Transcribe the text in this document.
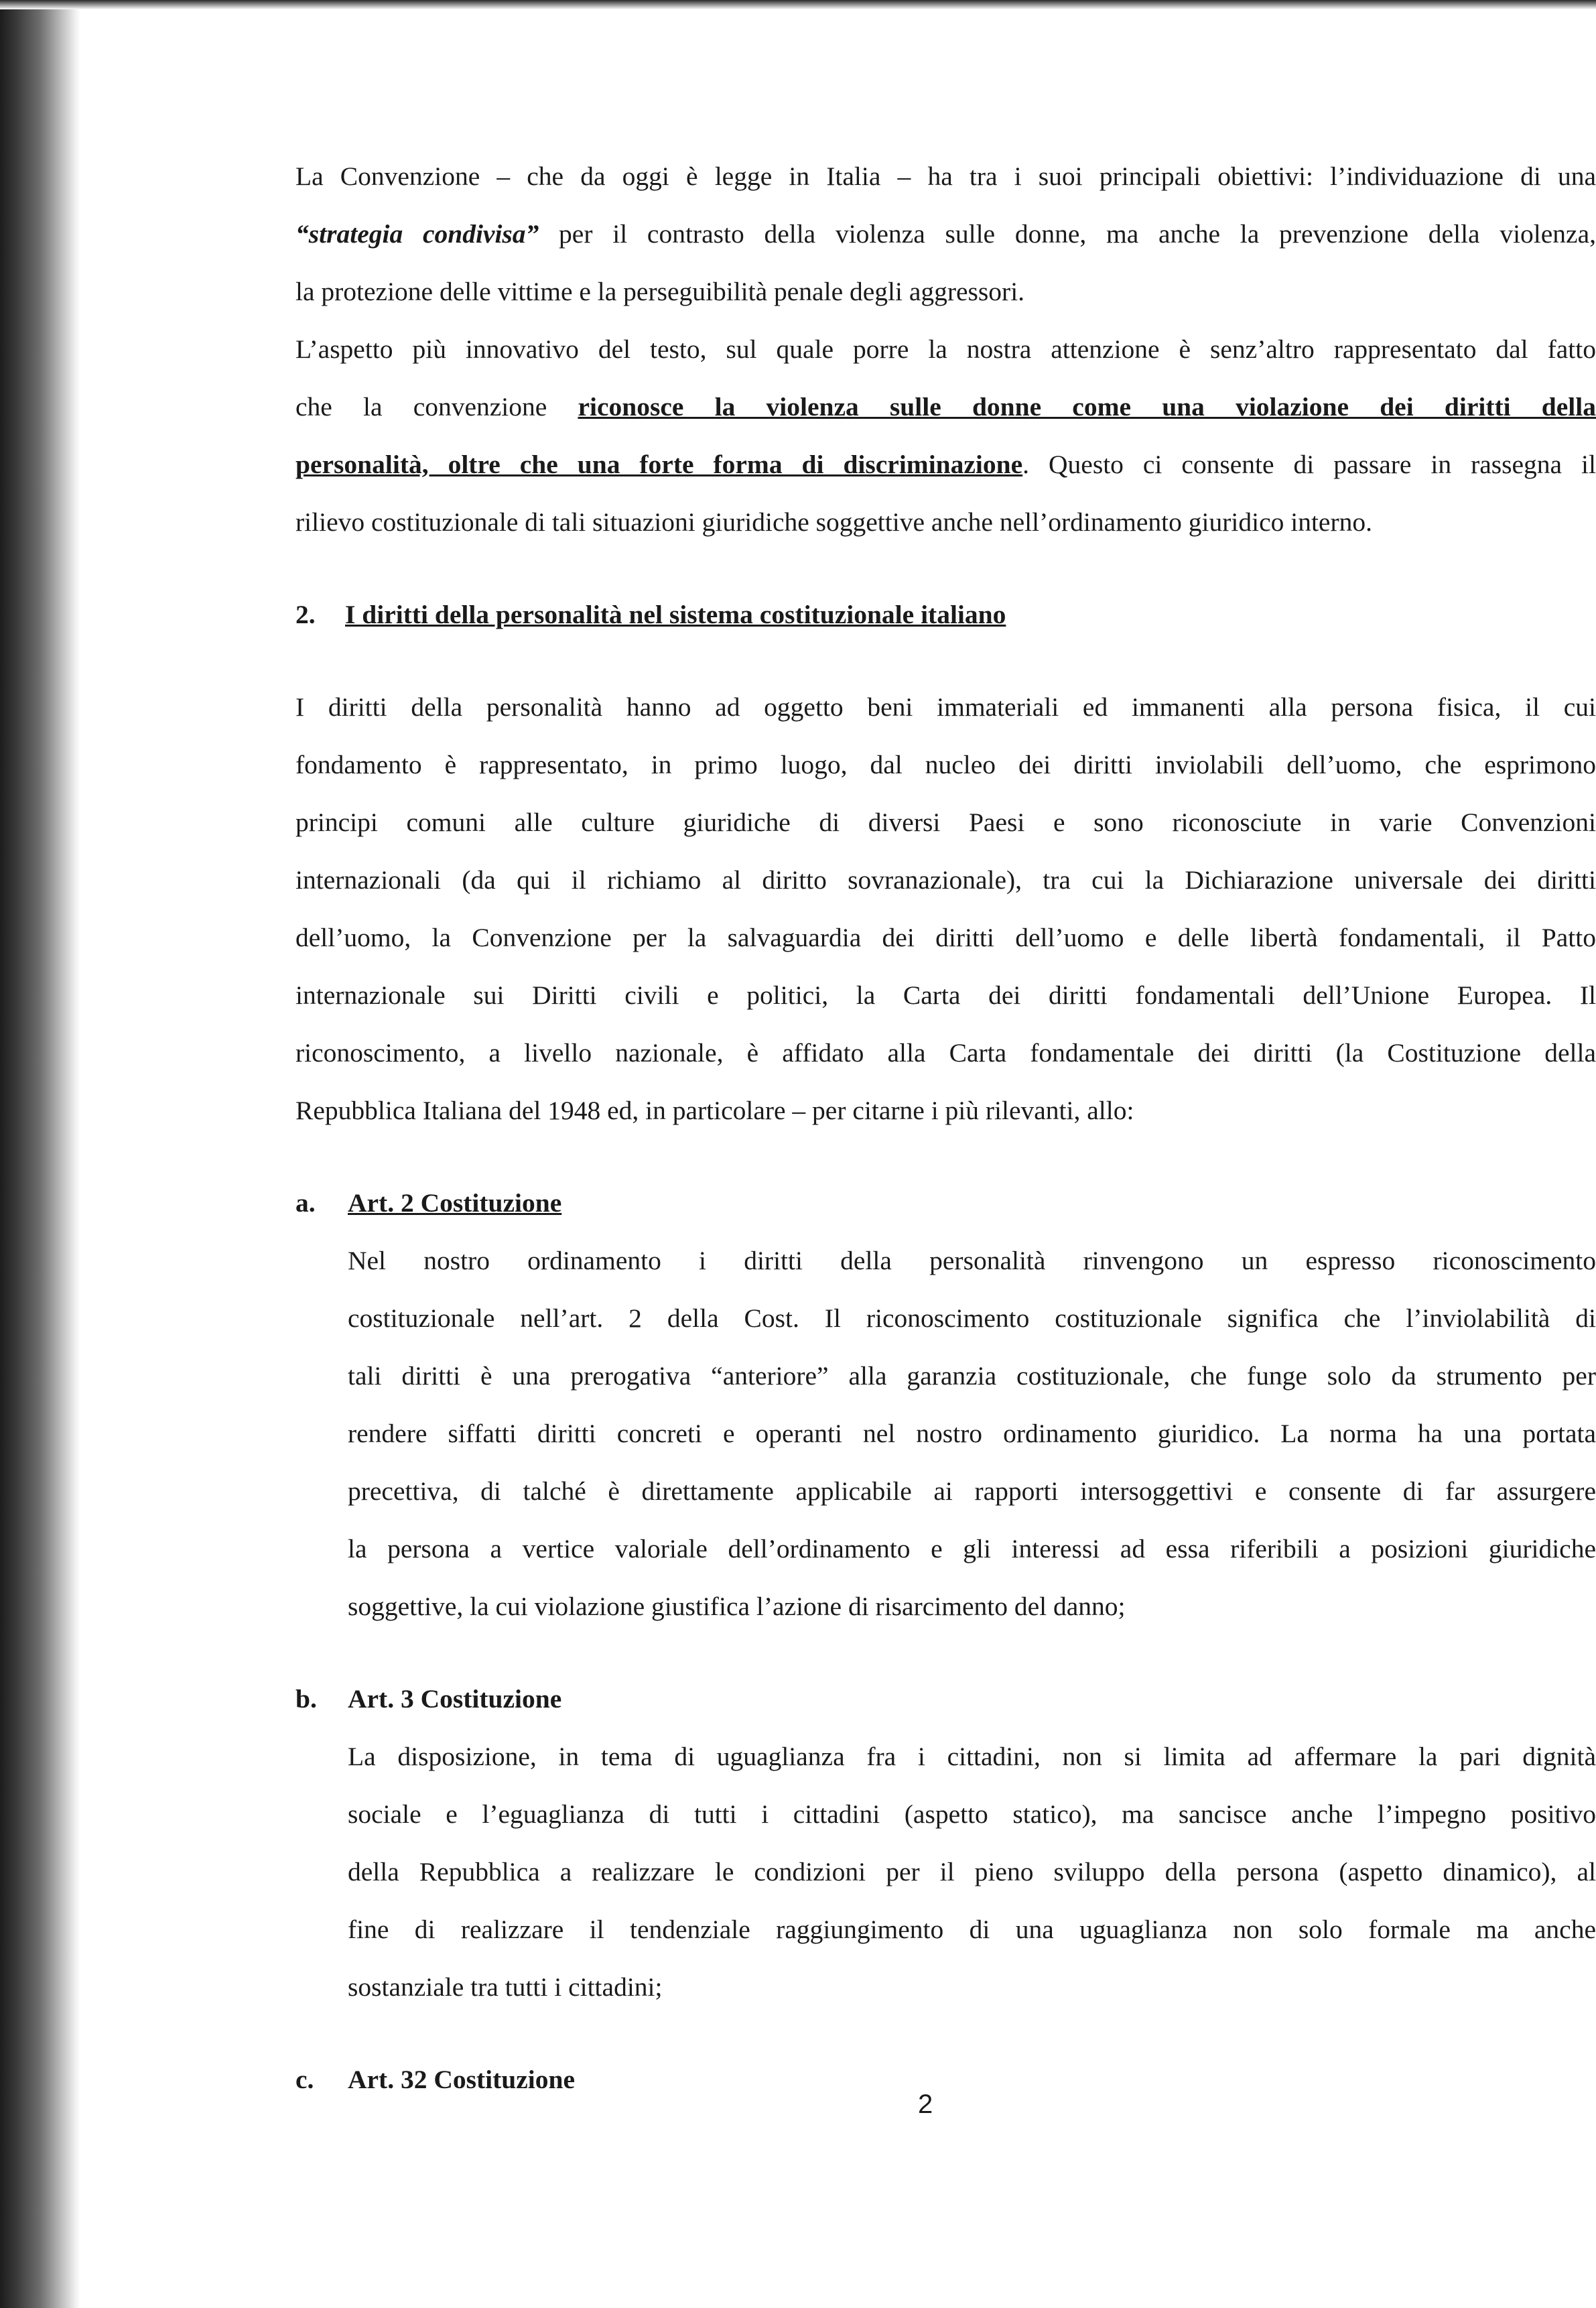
La Convenzione – che da oggi è legge in Italia – ha tra i suoi principali obiettivi: l’individuazione di una
“strategia condivisa” per il contrasto della violenza sulle donne, ma anche la prevenzione della violenza,
la protezione delle vittime e la perseguibilità penale degli aggressori.

L’aspetto più innovativo del testo, sul quale porre la nostra attenzione è senz’altro rappresentato dal fatto
che la convenzione riconosce la violenza sulle donne come una violazione dei diritti della
personalità, oltre che una forte forma di discriminazione. Questo ci consente di passare in rassegna il
rilievo costituzionale di tali situazioni giuridiche soggettive anche nell’ordinamento giuridico interno.

2. I diritti della personalità nel sistema costituzionale italiano

I diritti della personalità hanno ad oggetto beni immateriali ed immanenti alla persona fisica, il cui
fondamento è rappresentato, in primo luogo, dal nucleo dei diritti inviolabili dell’uomo, che esprimono
principi comuni alle culture giuridiche di diversi Paesi e sono riconosciute in varie Convenzioni
internazionali (da qui il richiamo al diritto sovranazionale), tra cui la Dichiarazione universale dei diritti
dell’uomo, la Convenzione per la salvaguardia dei diritti dell’uomo e delle libertà fondamentali, il Patto
internazionale sui Diritti civili e politici, la Carta dei diritti fondamentali dell’Unione Europea. Il
riconoscimento, a livello nazionale, è affidato alla Carta fondamentale dei diritti (la Costituzione della
Repubblica Italiana del 1948 ed, in particolare – per citarne i più rilevanti, allo:

a. Art. 2 Costituzione

Nel nostro ordinamento i diritti della personalità rinvengono un espresso riconoscimento
costituzionale nell’art. 2 della Cost. Il riconoscimento costituzionale significa che l’inviolabilità di
tali diritti è una prerogativa “anteriore” alla garanzia costituzionale, che funge solo da strumento per
rendere siffatti diritti concreti e operanti nel nostro ordinamento giuridico. La norma ha una portata
precettiva, di talché è direttamente applicabile ai rapporti intersoggettivi e consente di far assurgere
la persona a vertice valoriale dell’ordinamento e gli interessi ad essa riferibili a posizioni giuridiche
soggettive, la cui violazione giustifica l’azione di risarcimento del danno;

b. Art. 3 Costituzione

La disposizione, in tema di uguaglianza fra i cittadini, non si limita ad affermare la pari dignità
sociale e l’eguaglianza di tutti i cittadini (aspetto statico), ma sancisce anche l’impegno positivo
della Repubblica a realizzare le condizioni per il pieno sviluppo della persona (aspetto dinamico), al
fine di realizzare il tendenziale raggiungimento di una uguaglianza non solo formale ma anche
sostanziale tra tutti i cittadini;

c. Art. 32 Costituzione
2
